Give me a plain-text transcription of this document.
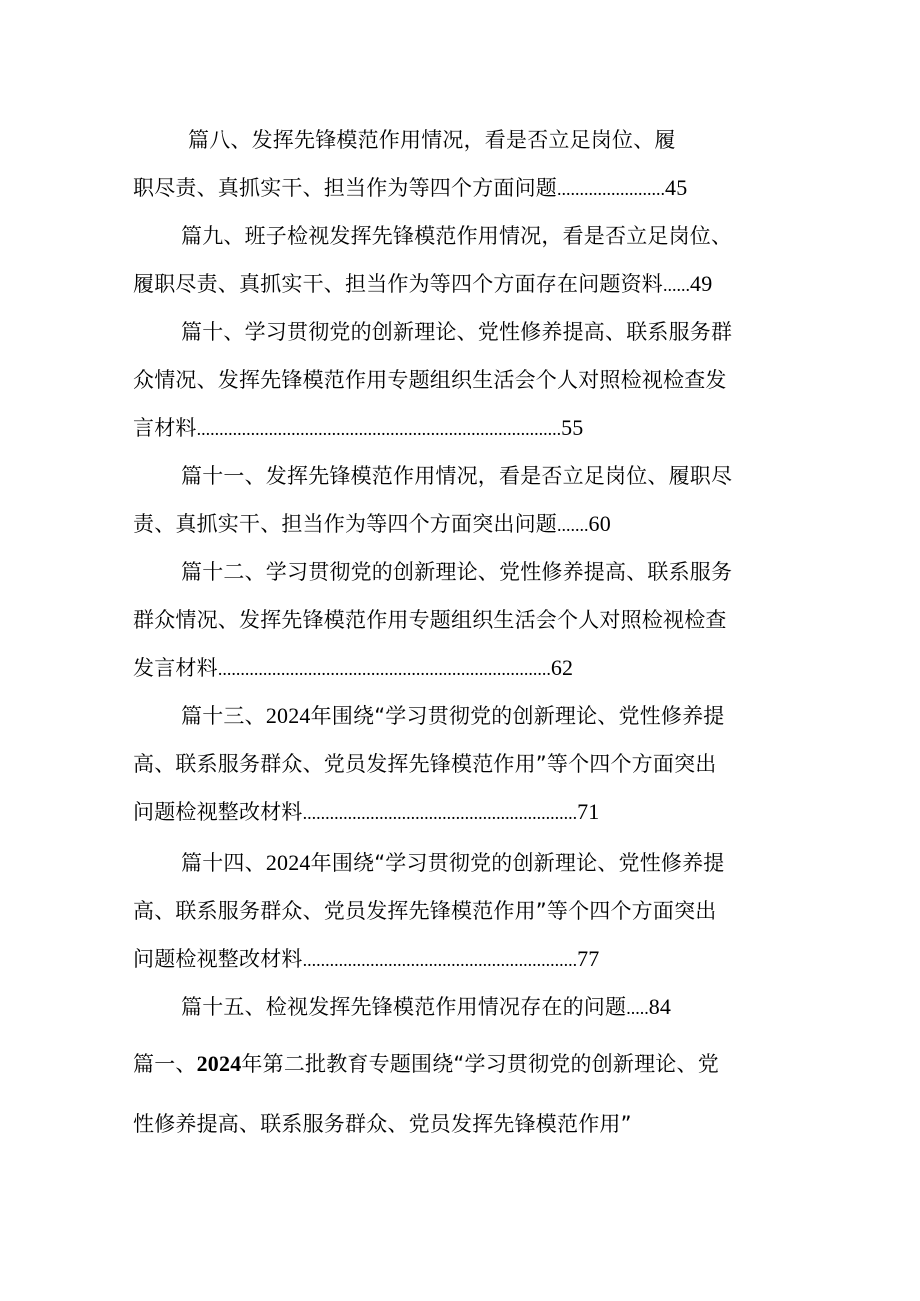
篇八、发挥先锋模范作用情况，看是否立足岗位、履
职尽责、真抓实干、担当作为等四个方面问题........................45
篇九、班子检视发挥先锋模范作用情况，看是否立足岗位、
履职尽责、真抓实干、担当作为等四个方面存在问题资料......49
篇十、学习贯彻党的创新理论、党性修养提高、联系服务群
众情况、发挥先锋模范作用专题组织生活会个人对照检视检查发
言材料.................................................................................55
篇十一、发挥先锋模范作用情况，看是否立足岗位、履职尽
责、真抓实干、担当作为等四个方面突出问题.......60
篇十二、学习贯彻党的创新理论、党性修养提高、联系服务
群众情况、发挥先锋模范作用专题组织生活会个人对照检视检查
发言材料..........................................................................62
篇十三、2024年围绕“学习贯彻党的创新理论、党性修养提
高、联系服务群众、党员发挥先锋模范作用”等个四个方面突出
问题检视整改材料.............................................................71
篇十四、2024年围绕“学习贯彻党的创新理论、党性修养提
高、联系服务群众、党员发挥先锋模范作用”等个四个方面突出
问题检视整改材料.............................................................77
篇十五、检视发挥先锋模范作用情况存在的问题.....84
篇一、2024年第二批教育专题围绕“学习贯彻党的创新理论、党
性修养提高、联系服务群众、党员发挥先锋模范作用”
